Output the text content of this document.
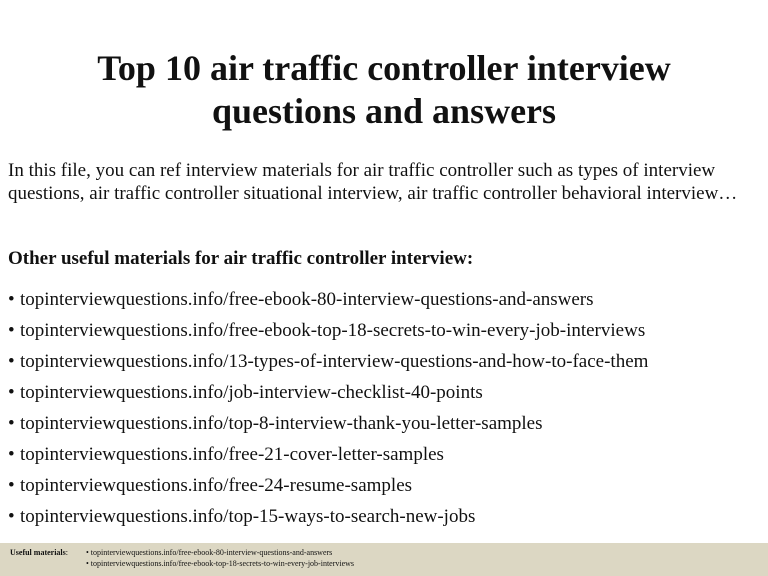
Top 10 air traffic controller interview
questions and answers

In this file, you can ref interview materials for air traffic controller such as types of interview questions, air traffic controller situational interview, air traffic controller behavioral interview…

Other useful materials for air traffic controller interview:

• topinterviewquestions.info/free-ebook-80-interview-questions-and-answers
• topinterviewquestions.info/free-ebook-top-18-secrets-to-win-every-job-interviews
• topinterviewquestions.info/13-types-of-interview-questions-and-how-to-face-them
• topinterviewquestions.info/job-interview-checklist-40-points
• topinterviewquestions.info/top-8-interview-thank-you-letter-samples
• topinterviewquestions.info/free-21-cover-letter-samples
• topinterviewquestions.info/free-24-resume-samples
• topinterviewquestions.info/top-15-ways-to-search-new-jobs
Useful materials: • topinterviewquestions.info/free-ebook-80-interview-questions-and-answers
• topinterviewquestions.info/free-ebook-top-18-secrets-to-win-every-job-interviews
